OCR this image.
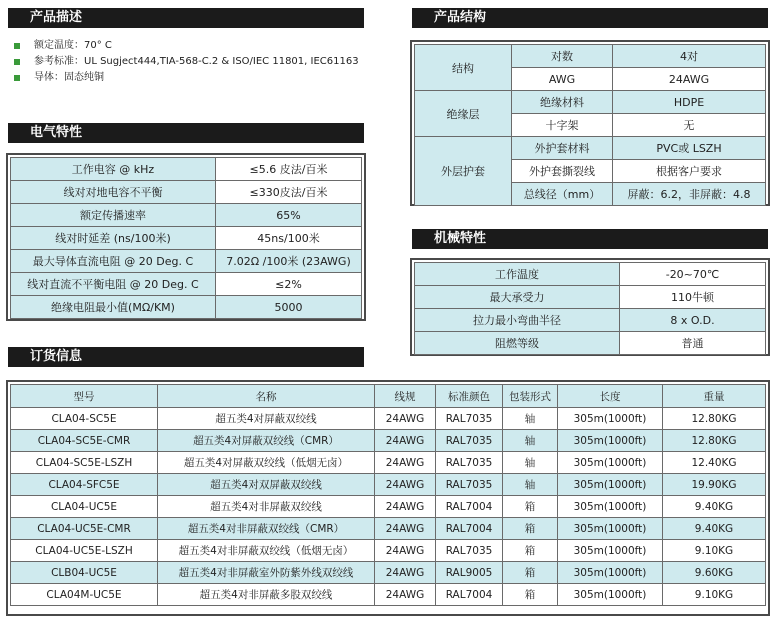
产品描述
额定温度：70° C
参考标准：UL Sugject444,TIA-568-C.2 & ISO/IEC 11801, IEC61163
导体：固态纯铜
产品结构
结构	对数	4对
	AWG	24AWG
绝缘层	绝缘材料	HDPE
	十字架	无
外层护套	外护套材料	PVC或 LSZH
	外护套撕裂线	根据客户要求
	总线径（mm）	屏蔽：6.2，非屏蔽：4.8
电气特性
工作电容 @ kHz	≤5.6 皮法/百米
线对对地电容不平衡	≤330皮法/百米
额定传播速率	65%
线对时延差 (ns/100米)	45ns/100米
最大导体直流电阻 @ 20 Deg. C	7.02Ω /100米 (23AWG)
线对直流不平衡电阻 @ 20 Deg. C	≤2%
绝缘电阻最小值(MΩ/KM)	5000
机械特性
工作温度	-20~70℃
最大承受力	110牛顿
拉力最小弯曲半径	8 x O.D.
阻燃等级	普通
订货信息
型号	名称	线规	标准颜色	包装形式	长度	重量
CLA04-SC5E	超五类4对屏蔽双绞线	24AWG	RAL7035	轴	305m(1000ft)	12.80KG
CLA04-SC5E-CMR	超五类4对屏蔽双绞线（CMR）	24AWG	RAL7035	轴	305m(1000ft)	12.80KG
CLA04-SC5E-LSZH	超五类4对屏蔽双绞线（低烟无卤）	24AWG	RAL7035	轴	305m(1000ft)	12.40KG
CLA04-SFC5E	超五类4对双屏蔽双绞线	24AWG	RAL7035	轴	305m(1000ft)	19.90KG
CLA04-UC5E	超五类4对非屏蔽双绞线	24AWG	RAL7004	箱	305m(1000ft)	9.40KG
CLA04-UC5E-CMR	超五类4对非屏蔽双绞线（CMR）	24AWG	RAL7004	箱	305m(1000ft)	9.40KG
CLA04-UC5E-LSZH	超五类4对非屏蔽双绞线（低烟无卤）	24AWG	RAL7035	箱	305m(1000ft)	9.10KG
CLB04-UC5E	超五类4对非屏蔽室外防紫外线双绞线	24AWG	RAL9005	箱	305m(1000ft)	9.60KG
CLA04M-UC5E	超五类4对非屏蔽多股双绞线	24AWG	RAL7004	箱	305m(1000ft)	9.10KG
